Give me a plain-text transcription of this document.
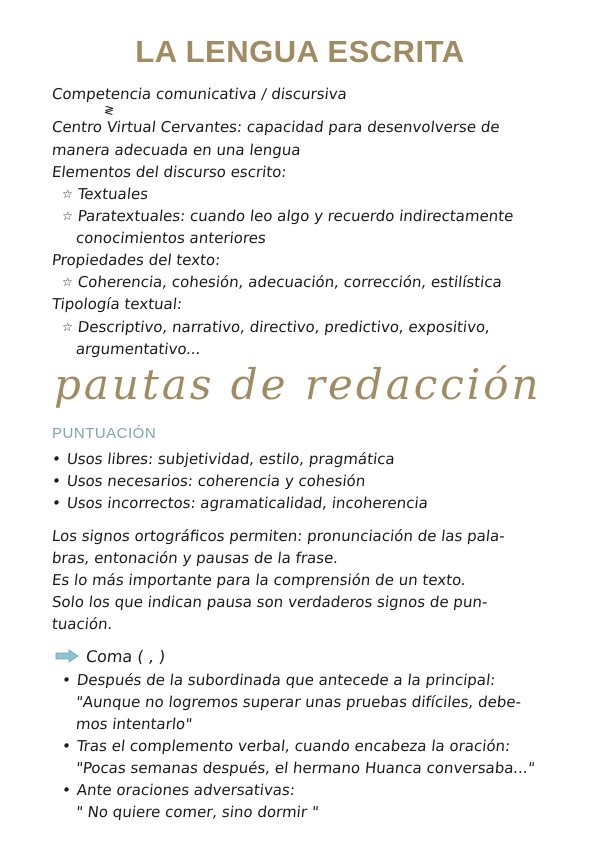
LA LENGUA ESCRITA
Competencia comunicativa / discursiva
≷
Centro Virtual Cervantes: capacidad para desenvolverse de
manera adecuada en una lengua
Elementos del discurso escrito:
☆ Textuales
☆ Paratextuales: cuando leo algo y recuerdo indirectamente
conocimientos anteriores
Propiedades del texto:
☆ Coherencia, cohesión, adecuación, corrección, estilística
Tipología textual:
☆ Descriptivo, narrativo, directivo, predictivo, expositivo,
argumentativo...
pautas de redacción
PUNTUACIÓN
• Usos libres: subjetividad, estilo, pragmática
• Usos necesarios: coherencia y cohesión
• Usos incorrectos: agramaticalidad, incoherencia
Los signos ortográficos permiten: pronunciación de las pala-
bras, entonación y pausas de la frase.
Es lo más importante para la comprensión de un texto.
Solo los que indican pausa son verdaderos signos de pun-
tuación.
Coma ( , )
• Después de la subordinada que antecede a la principal:
"Aunque no logremos superar unas pruebas difíciles, debe-
mos intentarlo"
• Tras el complemento verbal, cuando encabeza la oración:
"Pocas semanas después, el hermano Huanca conversaba..."
• Ante oraciones adversativas:
" No quiere comer, sino dormir "
